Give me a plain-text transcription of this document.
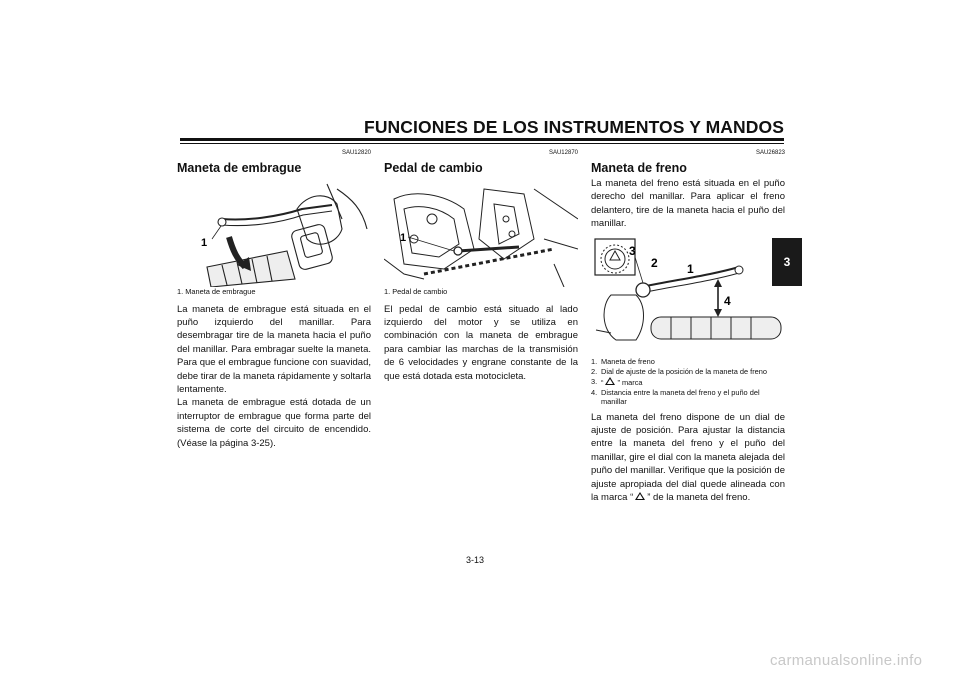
FUNCIONES DE LOS INSTRUMENTOS Y MANDOS
3
SAU12820
Maneta de embrague
1
1. Maneta de embrague

La maneta de embrague está situada en el puño izquierdo del manillar. Para desembragar tire de la maneta hacia el puño del manillar. Para embragar suelte la maneta. Para que el embrague funcione con suavidad, debe tirar de la maneta rápidamente y soltarla lentamente.

La maneta de embrague está dotada de un interruptor de embrague que forma parte del sistema de corte del circuito de encendido. (Véase la página 3-25).

SAU12870
Pedal de cambio
1
1. Pedal de cambio

El pedal de cambio está situado al lado izquierdo del motor y se utiliza en combinación con la maneta de embrague para cambiar las marchas de la transmisión de 6 velocidades y engrane constante de la que está dotada esta motocicleta.

SAU26823
Maneta de freno
La maneta del freno está situada en el puño derecho del manillar. Para aplicar el freno delantero, tire de la maneta hacia el puño del manillar.
3
2 1
4
1. Maneta de freno
2. Dial de ajuste de la posición de la maneta de freno
3. “ ” marca
4. Distancia entre la maneta del freno y el puño del manillar
La maneta del freno dispone de un dial de ajuste de posición. Para ajustar la distancia entre la maneta del freno y el puño del manillar, gire el dial con la maneta alejada del puño del manillar. Verifique que la posición de ajuste apropiada del dial quede alineada con la marca “ ” de la maneta del freno.
3-13
carmanualsonline.info
